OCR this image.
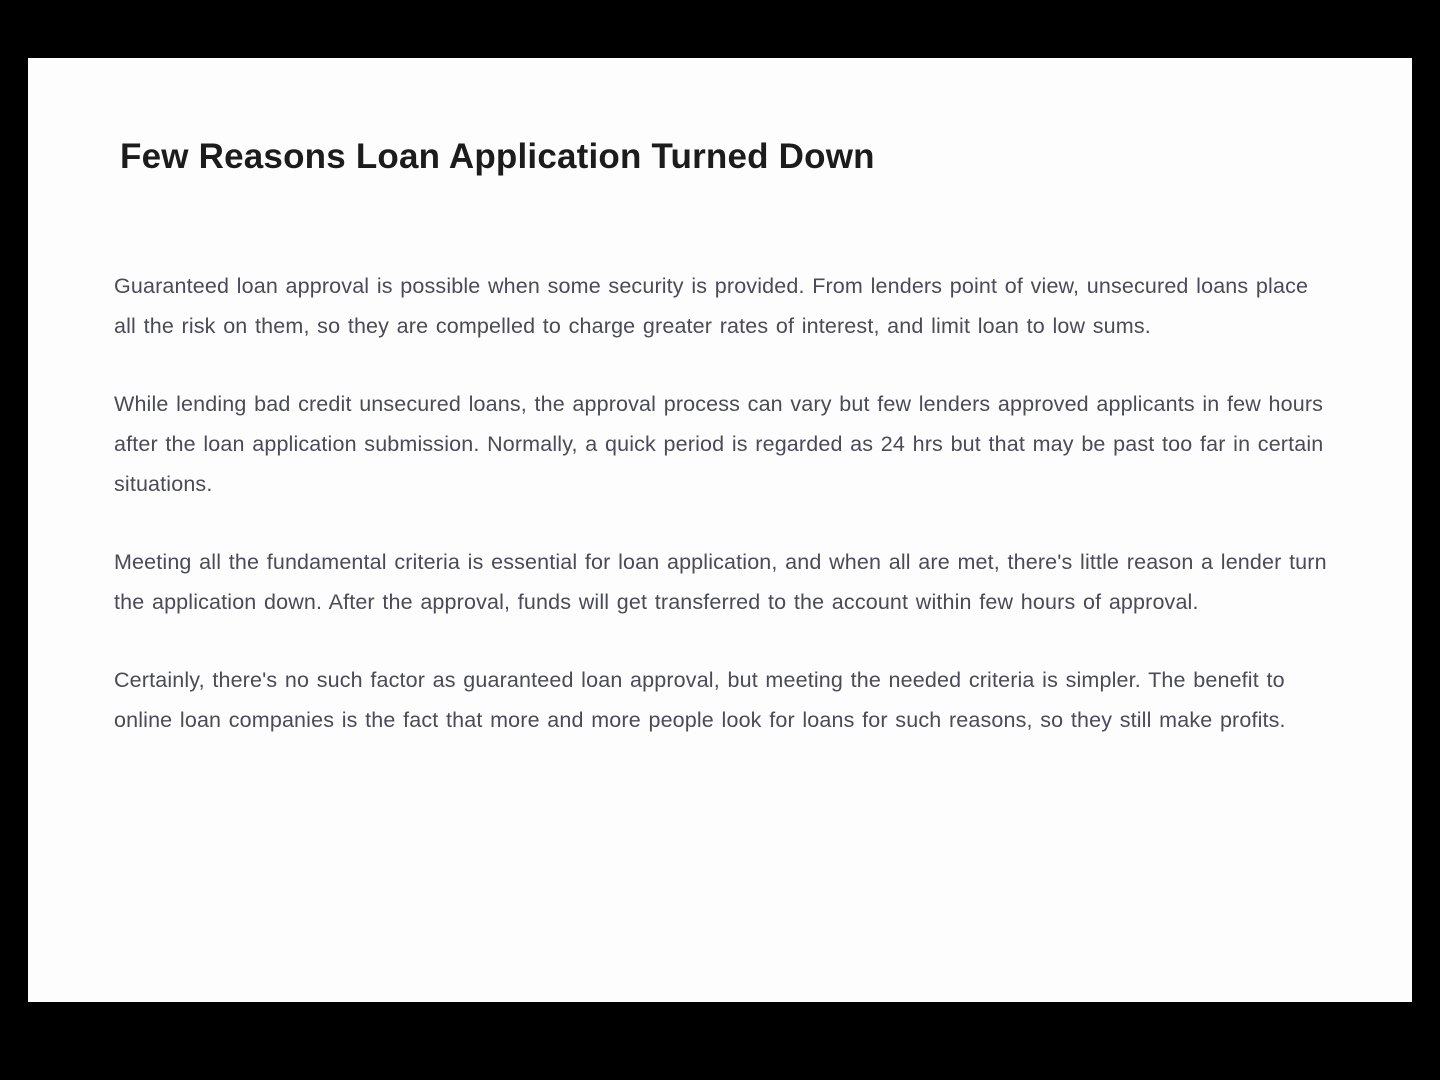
Few Reasons Loan Application Turned Down

Guaranteed loan approval is possible when some security is provided. From lenders point of view, unsecured loans place all the risk on them, so they are compelled to charge greater rates of interest, and limit loan to low sums.

While lending bad credit unsecured loans, the approval process can vary but few lenders approved applicants in few hours after the loan application submission. Normally, a quick period is regarded as 24 hrs but that may be past too far in certain situations.

Meeting all the fundamental criteria is essential for loan application, and when all are met, there's little reason a lender turn the application down. After the approval, funds will get transferred to the account within few hours of approval.

Certainly, there's no such factor as guaranteed loan approval, but meeting the needed criteria is simpler. The benefit to online loan companies is the fact that more and more people look for loans for such reasons, so they still make profits.
